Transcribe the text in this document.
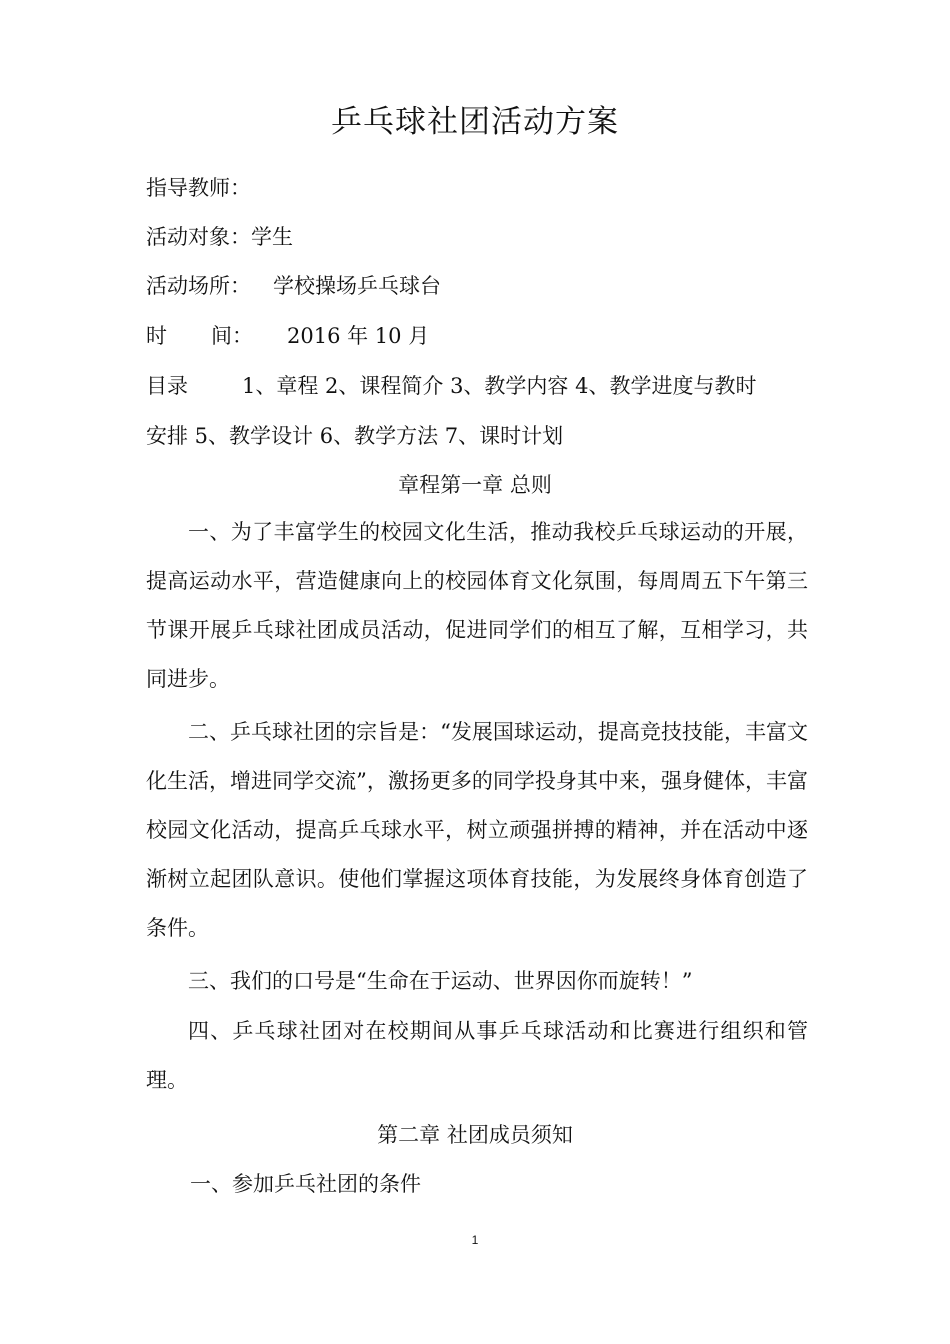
乒乓球社团活动方案
指导教师：
活动对象：学生
活动场所： 学校操场乒乓球台
时 间： 2016 年 10 月
目录	1、章程 2、课程简介 3、教学内容 4、教学进度与教时
安排 5、教学设计 6、教学方法 7、课时计划
章程第一章 总则
一、为了丰富学生的校园文化生活，推动我校乒乓球运动的开展，提高运动水平，营造健康向上的校园体育文化氛围，每周周五下午第三节课开展乒乓球社团成员活动，促进同学们的相互了解，互相学习，共同进步。
二、乒乓球社团的宗旨是：“发展国球运动，提高竞技技能，丰富文化生活，增进同学交流”，激扬更多的同学投身其中来，强身健体，丰富校园文化活动，提高乒乓球水平，树立顽强拼搏的精神，并在活动中逐渐树立起团队意识。使他们掌握这项体育技能，为发展终身体育创造了条件。
三、我们的口号是“生命在于运动、世界因你而旋转！”
四、乒乓球社团对在校期间从事乒乓球活动和比赛进行组织和管理。
第二章 社团成员须知
一、参加乒乓社团的条件
1
